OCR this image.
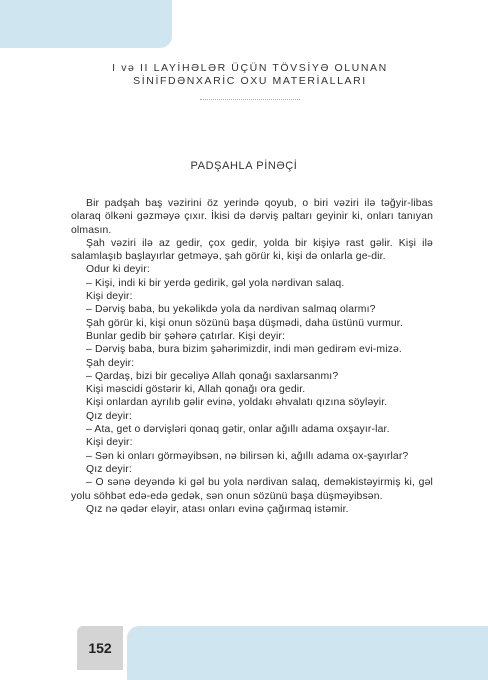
I və II LAYİHƏLƏR ÜÇÜN TÖVSİYƏ OLUNAN
SİNİFDƏNXARİC OXU MATERİALLARI
PADŞAHLA PİNƏÇİ

Bir padşah baş vəzirini öz yerində qoyub, o biri vəziri ilə təğyir-libas olaraq ölkəni gəzməyə çıxır. İkisi də dərviş paltarı geyinir ki, onları tanıyan olmasın.

Şah vəziri ilə az gedir, çox gedir, yolda bir kişiyə rast gəlir. Kişi ilə salamlaşıb başlayırlar getməyə, şah görür ki, kişi də onlarla ge-dir.

Odur ki deyir:

– Kişi, indi ki bir yerdə gedirik, gəl yola nərdivan salaq.

Kişi deyir:

– Dərviş baba, bu yekəlikdə yola da nərdivan salmaq olarmı?

Şah görür ki, kişi onun sözünü başa düşmədi, daha üstünü vurmur.

Bunlar gedib bir şəhərə çatırlar. Kişi deyir:

– Dərviş baba, bura bizim şəhərimizdir, indi mən gedirəm evi-mizə.

Şah deyir:

– Qardaş, bizi bir gecəliyə Allah qonağı saxlarsanmı?

Kişi məscidi göstərir ki, Allah qonağı ora gedir.

Kişi onlardan ayrılıb gəlir evinə, yoldakı əhvalatı qızına söyləyir.

Qız deyir:

– Ata, get o dərvişləri qonaq gətir, onlar ağıllı adama oxşayır-lar.

Kişi deyir:

– Sən ki onları görməyibsən, nə bilirsən ki, ağıllı adama ox-şayırlar?

Qız deyir:

– O sənə deyəndə ki gəl bu yola nərdivan salaq, deməkistəyirmiş ki, gəl yolu söhbət edə-edə gedək, sən onun sözünü başa düşməyibsən.

Qız nə qədər eləyir, atası onları evinə çağırmaq istəmir.

152
